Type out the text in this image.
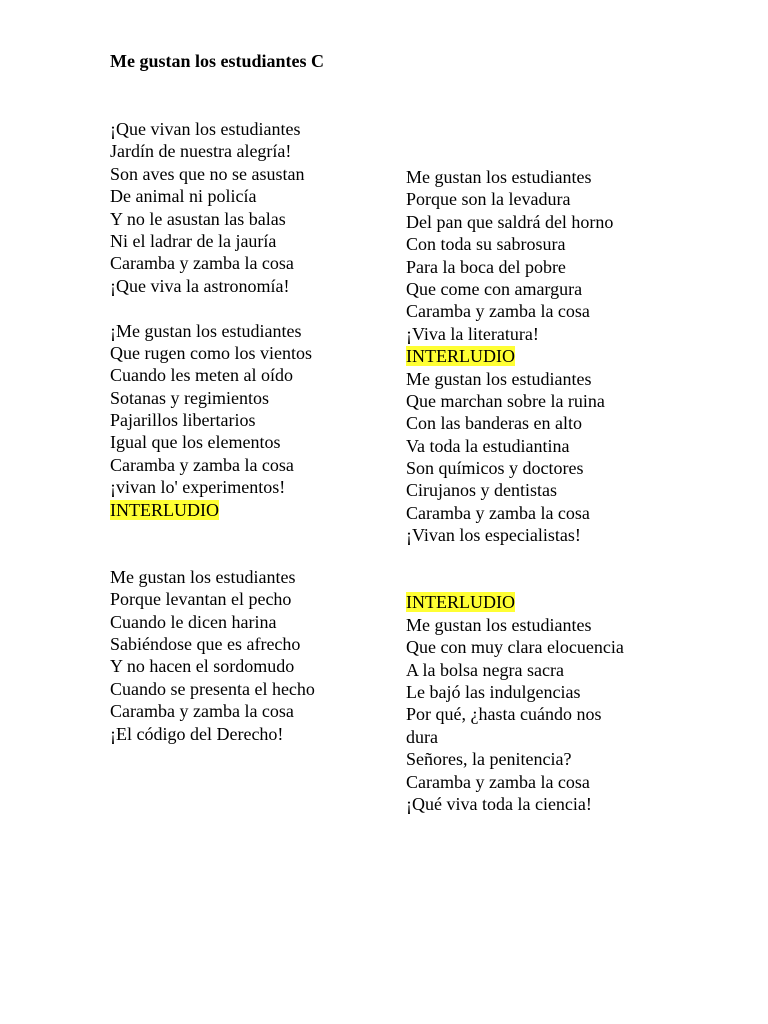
Me gustan los estudiantes C
¡Que vivan los estudiantes
Jardín de nuestra alegría!
Son aves que no se asustan
De animal ni policía
Y no le asustan las balas
Ni el ladrar de la jauría
Caramba y zamba la cosa
¡Que viva la astronomía!
¡Me gustan los estudiantes
Que rugen como los vientos
Cuando les meten al oído
Sotanas y regimientos
Pajarillos libertarios
Igual que los elementos
Caramba y zamba la cosa
¡vivan lo' experimentos!
INTERLUDIO
Me gustan los estudiantes
Porque levantan el pecho
Cuando le dicen harina
Sabiéndose que es afrecho
Y no hacen el sordomudo
Cuando se presenta el hecho
Caramba y zamba la cosa
¡El código del Derecho!
Me gustan los estudiantes
Porque son la levadura
Del pan que saldrá del horno
Con toda su sabrosura
Para la boca del pobre
Que come con amargura
Caramba y zamba la cosa
¡Viva la literatura!
INTERLUDIO
Me gustan los estudiantes
Que marchan sobre la ruina
Con las banderas en alto
Va toda la estudiantina
Son químicos y doctores
Cirujanos y dentistas
Caramba y zamba la cosa
¡Vivan los especialistas!
INTERLUDIO
Me gustan los estudiantes
Que con muy clara elocuencia
A la bolsa negra sacra
Le bajó las indulgencias
Por qué, ¿hasta cuándo nos
dura
Señores, la penitencia?
Caramba y zamba la cosa
¡Qué viva toda la ciencia!
